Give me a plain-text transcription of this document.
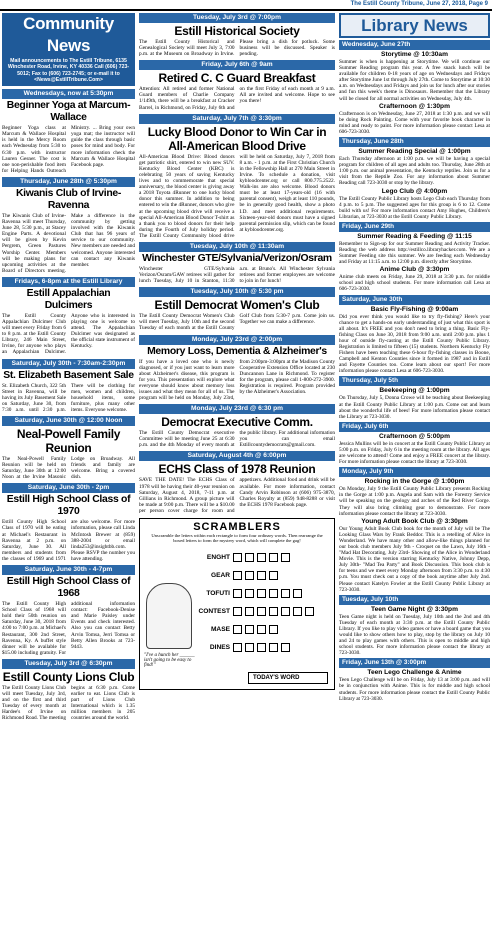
The Estill County Tribune, June 27, 2018, Page 9
Community News
Mail announcements to The Estill Tribune, 6135 Winchester Road, Irvine, KY 40336 Call (606) 723-5012; Fax to (606) 723-2745; or e-mail it to <News@EstillTribune.Com>
Wednesdays, now at 5:30pm
Beginner Yoga at Marcum-Wallace
Beginner Yoga class at Marcum & Wallace Hospital is held in the Mercy Room each Wednesday from 5:30 to 6:30 p.m. with instructor Lauren Gesner. The cost is one non-perishable food item for Helping Hands Outreach Ministry. ... Bring your own yoga mat; the instructor will guide the class through basic poses for mind and body. For more information check the Marcum & Wallace Hospital Facebook page.
Thursday, June 28th @ 5:30pm
Kiwanis Club of Irvine-Ravenna
The Kiwanis Club of Irvine-Ravenna will meet Thursday, June 28, 5:30 p.m., at Stacey Engine Parts. A devotional will be given by Kevin Pergrem, Green Pastures Worship Center. Members will be making plans for upcoming activities at the Board of Directors meeting. Make a difference in the community by getting involved with the Kiwanis Club that has 96 years of service to our community. New members are needed and welcomed. Anyone interested can contact any Kiwanis member.
Fridays, 6-8pm at the Estill Library
Estill Appalachian Dulcimers
The Estill County Appalachian Dulcimer Club will meet every Friday from 6 to 8 p.m. at the Estill County Library, 246 Main Street, Irvine, for anyone who plays an Appalachian Dulcimer. Anyone who is interested in playing one is welcome to attend. The Appalachian Dulcimer was designated as the official state instrument of Kentucky.
Saturday, July 30th - 7:30am-2:30pm
St. Elizabeth Basement Sale
St. Elizabeth Church, 322 5th Street in Ravenna, will be having its July Basement Sale on Saturday, June 30, from 7:30 a.m. until 2:30 p.m. There will be clothing for men, women and children, household items, some furniture, plus many other items. Everyone welcome.
Saturday, June 30th @ 12:00 Noon
Neal-Powell Family Reunion
The Neal-Powell Family Reunion will be held on Saturday, June 30th at 12:00 Noon at the Irvine Masonic Lodge on Broadway. All friends and family are welcome. Bring a covered dish.
Saturday, June 30th - 2pm
Estill High School Class of 1970
Estill County High School Class of 1970 will be eating at Michael's Restaurant in Ravenna at 2 p.m. on Saturday, June 30. All members and students from the classes of 1969 and 1971 are also welcome. For more information, please call Linda McIntosh Brewer at (859) 388-2004 or email linda253@insightbb.com. Please RSVP the number you have attending.
Saturday, June 30th - 4-7pm
Estill High School Class of 1968
The Estill County High School Class of 1968 will hold their 50th reunion on Saturday, June 30, 2018 from 4:00 to 7:00 p.m. at Michael's Restaurant, 300 2nd Street, Ravenna, Ky. A buffet style dinner will be available for $15.00 including gratuity. For additional information contact: Facebook-Denise and Marie Paisley under Events and check interested. Also you can contact Betty Arvin Tomsa, Jerri Tomsa or Betty Allen Brooks at 723-9443.
Tuesday, July 3rd @ 6:30pm
Estill County Lions Club
The Estill County Lions Club will meet Tuesday, July 3rd, and on the first and third Tuesday of every month at Hardee's of Irvine on Richmond Road. The meeting begins at 6:30 p.m. Come earlier to eat. Lions Club is part of Lions Club International which is 1.35 million members in 205 countries around the world.
Tuesday, July 3rd @ 7:00pm
Estill Historical Society
The Estill County Historical and Genealogical Society will meet July 3, 7:00 p.m. at the Museum on Broadway in Irvine. Please bring a dish for potluck. Some business will be discussed. Speaker is pending.
Friday, July 6th @ 9am
Retired C. C Guard Breakfast
Attention: All retired and former National Guard members of Charlie Company 1/149th, there will be a breakfast at Cracker Barrel, in Richmond, on Friday, July 6th and on the first Friday of each month at 9 a.m. All are invited and welcome. Hope to see you there!
Saturday, July 7th @ 3:30pm
Lucky Blood Donor to Win Car in All-American Blood Drive
All-American Blood Drive: Blood donors get patriotic shirt, entered to win new SUV. Kentucky Blood Center (KBC) is celebrating 50 years of saving Kentucky lives and to commemorate that special anniversary, the blood center is giving away a 2018 Toyota 4Runner to one lucky blood donor this summer. In addition to being entered to win the 4Runner, donors who give at the upcoming blood drive will receive a special All-American Blood Donor T-shirt as a thank you to blood donors for their help during the Fourth of July holiday period. The Estill County Community blood drive will be held on Saturday, July 7, 2018 from 8 a.m. - 1 p.m. at the First Christian Church in the Fellowship Hall at 270 Main Street in Irvine. To schedule a donation, visit kybloodcenter.org or call 800.775.2522. Walk-ins are also welcome. Blood donors must be at least 17-years-old (16 with parental consent), weigh at least 110 pounds, be in generally good health, show a photo I.D. and meet additional requirements. Sixteen-year-old donors must have a signed parental permission slip, which can be found at kybloodcenter.org.
Tuesday, July 10th @ 11:30am
Winchester GTE/Sylvania/Verizon/Osram
Winchester GTE/Sylvania Verizon/Osram/GAW retirees will gather for lunch Tuesday, July 10 in Stanton, 11:30 a.m. at Bruno's. All Winchester Sylvania retirees and former employees are welcome to join in for lunch!
Tuesday, July 10th @ 5:30 pm
Estill Democrat Women's Club
The Estill County Democrat Women's Club will meet Tuesday, July 10th and the second Tuesday of each month at the Estill County Golf Club from 5:30-7 p.m. Come join us. Together we can make a difference.
Monday, July 23rd @ 2:00pm
Memory Loss, Dementia & Alzheimer's
If you have a loved one who is newly diagnosed, or if you just want to learn more about Alzheimer's disease, this program is for you. This presentation will explore what everyone should know about memory loss issues and what they mean for all of us. The program will be held on Monday, July 23rd, from 2:00pm-3:00pm at the Madison County Cooperative Extension Office located at 230 Duncannon Lane in Richmond. To register for the program, please call 1-800-272-3900. Registration is required. Program provided by the Alzheimer's Association.
Monday, July 23rd @ 6:30 pm
Democrat Executive Comm.
The Estill County Democrat executive Committee will be meeting June 25 at 6:30 p.m. and the 4th Monday of every month at the public library. For additional information you can email Estillcountydemocrats@gmail.com.
Saturday, August 4th @ 6:00pm
ECHS Class of 1978 Reunion
SAVE THE DATE! The ECHS Class of 1978 will be having their 40-year reunion on Saturday, August 4, 2018, 7-11 p.m. at Gillians in Richmond. A group picture will be made at 9:00 p.m. There will be a $10.00 per person cover charge for room and appetizers. Additional food and drink will be available. For more information, contact Candy Arvin Robinson at (606) 975-3870, Charles Royalty at (859) 948-8288 or visit the ECHS 1978 Facebook page.
SCRAMBLERS
Unscramble the letters within each rectangle to form four ordinary words. Then rearrange the boxed letters to form the mystery word, which will complete the gag!
"I've a hunch her ______ isn't going to be easy to find!"
ENGHT
GEAR
TOFUTI
CONTEST
MASE
DINES
TODAY'S WORD
Library News
Wednesday, June 27th
Storytime @ 10:30am
Summer is when is happening at Storytime. We will continue our Summer Reading program this year. A free snack lunch will be available for children 0-18 years of age on Wednesdays and Fridays after Storytime June 1st through July 27th. Come to Storytime at 10:30 a.m. on Wednesdays and Fridays and join us for lunch after our stories and fun this week's theme is Dinosaurs. Remember that the Library will be closed for all normal activities on Wednesday, July 4th.
Crafternoon @ 1:30pm
Crafternoon is on Wednesday, June 27, 2018 at 1:30 p.m. and we will be doing Rock Painting. Come with your favorite book character in mind and ready to paint. For more information please contact Lesa at 606-723-3030.
Thursday, June 28th
Summer Reading Special @ 1:00pm
Each Thursday afternoon at 1:00 p.m. we will be having a special program for children of all ages and adults too. Thursday, June 28th at 1:00 p.m. our animal presentation, the Kentucky reptiles. Join us for a visit from the Reptile Zoo. For any information about Summer Reading call 723-3030 or stop by the library.
Lego Club @ 4:00pm
The Estill County Public Library hosts Lego Club each Thursday from 4 p.m. to 5 p.m. The suggested ages for this group is 6 to 12. Come build with us! For more information contact Amy Hughes, Children's Librarian, at 723-3030 at the Estill County Public Library.
Friday, June 29th
Summer Reading & Feeding @ 11:15
Remember to Sign-up for our Summer Reading and Activity Tracker. Reading the web address http://estillco.libraryhacker.com. We are a Summer Feeding site this summer. We are feeding each Wednesday and Friday at 11:15 a.m. to 12:00 p.m. directly after Storytime.
Anime Club @ 3:30pm
Anime club meets on Friday, June 29, 2018 at 3:30 p.m. for middle school and high school students. For more information call Lesa at 606-723-3030.
Saturday, June 30th
Basic Fly-Fishing @ 9:00am
Did you ever think you would like to try fly-fishing? Here's your chance to get a hands-on early understanding of just what this sport is all about. It's FREE and you don't need to bring a thing. Basic Fly-fishing Class on June 30, 2018 from 9:00 a.m. until 2:00 p.m. plus 1 hour of outside fly-casting at the Estill County Public Library. Registration is limited to fifteen (15) students. Northern Kentucky Fly Fishers have been teaching these 6-hour fly-fishing classes in Boone, Campbell and Kenton Counties since it formed in 1987 and in Estill and Fayette Counties too. Come learn about our sport! For more information please contact Lesa at 606-723-3030.
Thursday, July 5th
Beekeeping @ 1:00pm
On Thursday, July 5, Donna Crowe will be teaching about Beekeeping at the Estill County Public Library at 1:00 p.m. Come out and learn about the wonderful life of bees! For more information please contact the Library at 723-3030.
Friday, July 6th
Crafternoon @ 5:00pm
Jessica Mullins will be in concert at the Estill County Public Library at 5:00 p.m. on Friday, July 6 in the meeting room at the library. All ages are welcome to attend! Come and enjoy a FREE concert at the library. For more information please contact the library at 723-3030.
Monday, July 9th
Rocking in the Gorge @ 1:00pm
On Monday, July 9 the Estill County Public Library presents Rocking in the Gorge at 1:00 p.m. Angela and Sam with the Forestry Service will be speaking on the geology and arches of the Red River Gorge. They will also bring climbing gear to demonstrate. For more information please contact the library at 723-3030.
Young Adult Book Club @ 3:30pm
Our Young Adult Book Club book for the month of July will be The Looking Glass Wars by Frank Beddor. This is a retelling of Alice in Wonderland. We have many other and allow-like things planned for our book club members July 9th - Croquet on the Lawn, July 16th - "Mad Hat Decorating, July 23rd- Showing of the Alice in Wonderland Movie. This is the version starring Kentucky Native, Johnny Depp, July 30th- "Mad Tea Party" and Book Discussion. This book club is for teens and we meet every Monday afternoon from 3:30 p.m. to 4:30 p.m. You must check out a copy of the book anytime after July 2nd. Please contact Katelyn Fowler at the Estill County Public Library at 723-3030.
Tuesday, July 10th
Teen Game Night @ 3:30pm
Teen Game night is held on Tuesday, July 10th and the 2nd and 4th Tuesday of each month at 3:30 p.m. at the Estill County Public Library. If you like to play video games or have a board game that you would like to show others how to play, stop by the library on July 10 and 24 to play games with others. This is open to middle and high school students. For more information please contact the library at 723-3030.
Friday, June 13th @ 3:00pm
Teen Lego Challenge & Anime
Teen Lego Challenge will be on Friday, July 13 at 3:00 p.m. and will be in conjunction with Anime. This is for middle and high school students. For more information please contact the Estill County Public Library at 723-3030.
